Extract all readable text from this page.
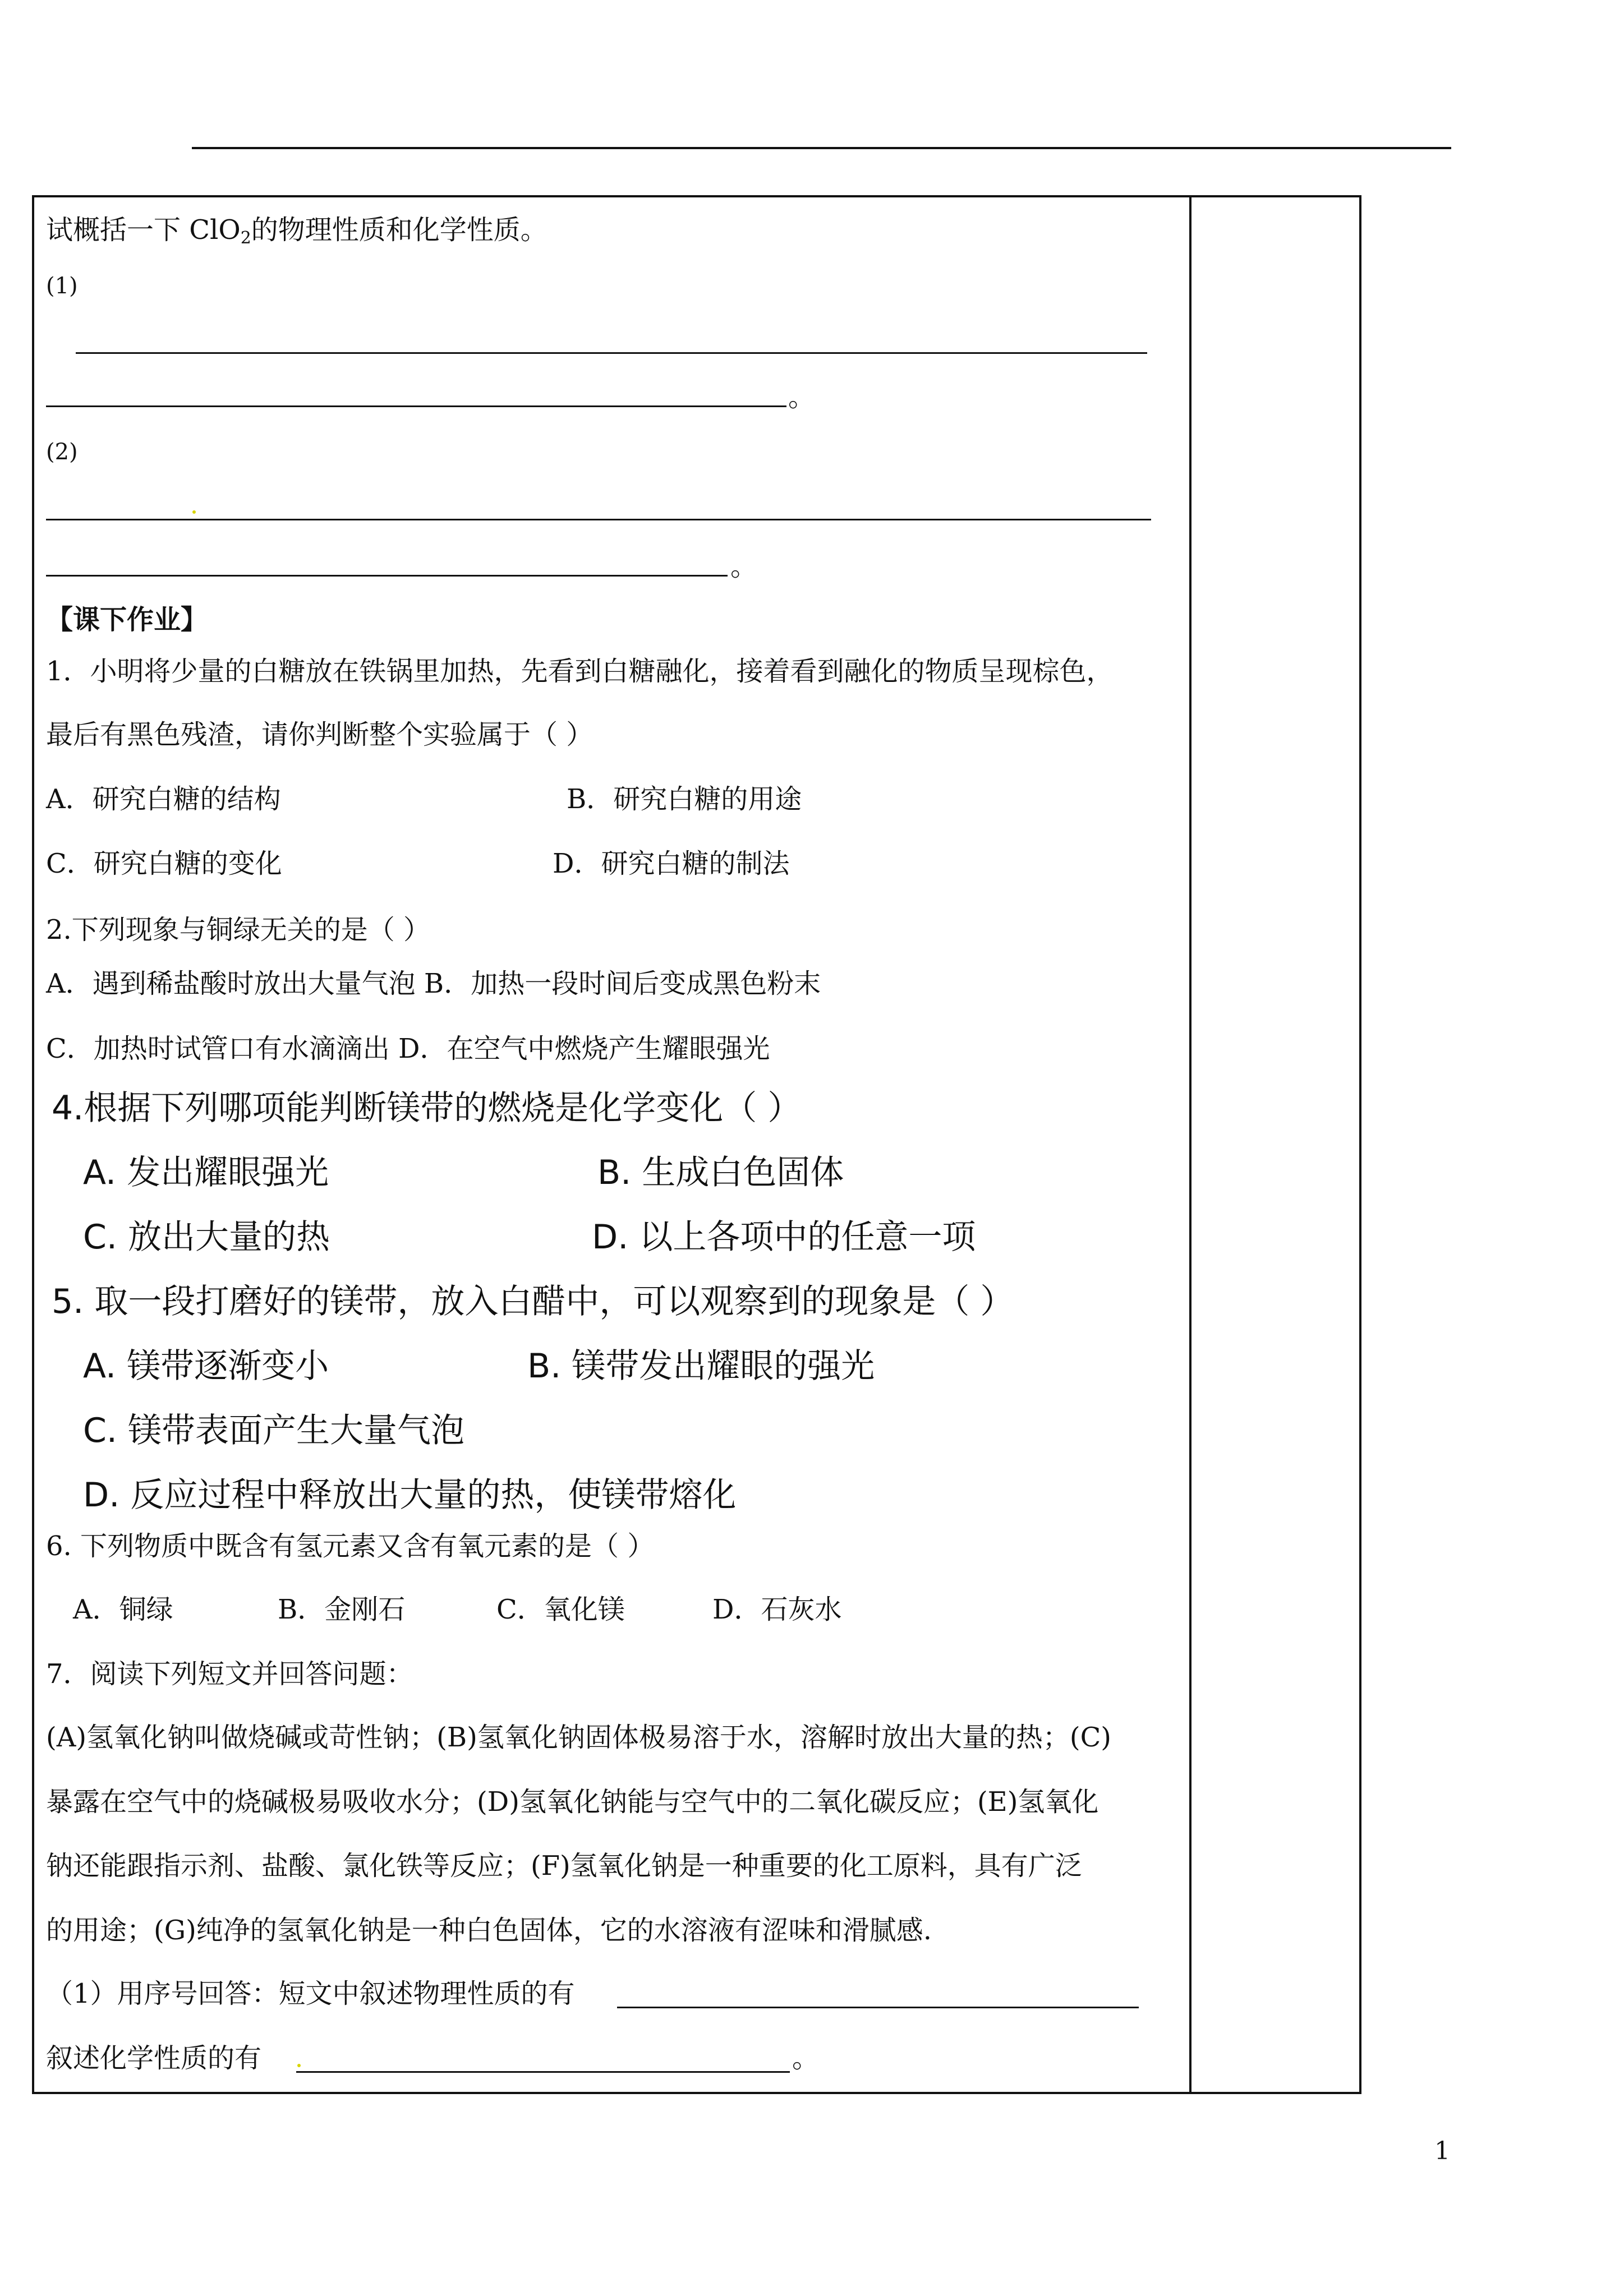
试概括一下 ClO$_2$的物理性质和化学性质。
(1)
。
(2)
。
【课下作业】
1．小明将少量的白糖放在铁锅里加热，先看到白糖融化，接着看到融化的物质呈现棕色，
最后有黑色残渣，请你判断整个实验属于（ ）
A．研究白糖的结构	B．研究白糖的用途
C．研究白糖的变化	D．研究白糖的制法
2.下列现象与铜绿无关的是（ ）
A．遇到稀盐酸时放出大量气泡 B．加热一段时间后变成黑色粉末
C．加热时试管口有水滴滴出 D．在空气中燃烧产生耀眼强光
4.根据下列哪项能判断镁带的燃烧是化学变化（ ）
A. 发出耀眼强光	B. 生成白色固体
C. 放出大量的热	D. 以上各项中的任意一项
5. 取一段打磨好的镁带，放入白醋中，可以观察到的现象是（ ）
A. 镁带逐渐变小	B. 镁带发出耀眼的强光
C. 镁带表面产生大量气泡
D. 反应过程中释放出大量的热，使镁带熔化
6. 下列物质中既含有氢元素又含有氧元素的是（ ）
A．铜绿	B．金刚石	C．氧化镁	D．石灰水
7．阅读下列短文并回答问题：
(A)氢氧化钠叫做烧碱或苛性钠；(B)氢氧化钠固体极易溶于水，溶解时放出大量的热；(C)
暴露在空气中的烧碱极易吸收水分；(D)氢氧化钠能与空气中的二氧化碳反应；(E)氢氧化
钠还能跟指示剂、盐酸、氯化铁等反应；(F)氢氧化钠是一种重要的化工原料，具有广泛
的用途；(G)纯净的氢氧化钠是一种白色固体，它的水溶液有涩味和滑腻感.
（1）用序号回答：短文中叙述物理性质的有
叙述化学性质的有	。
1
